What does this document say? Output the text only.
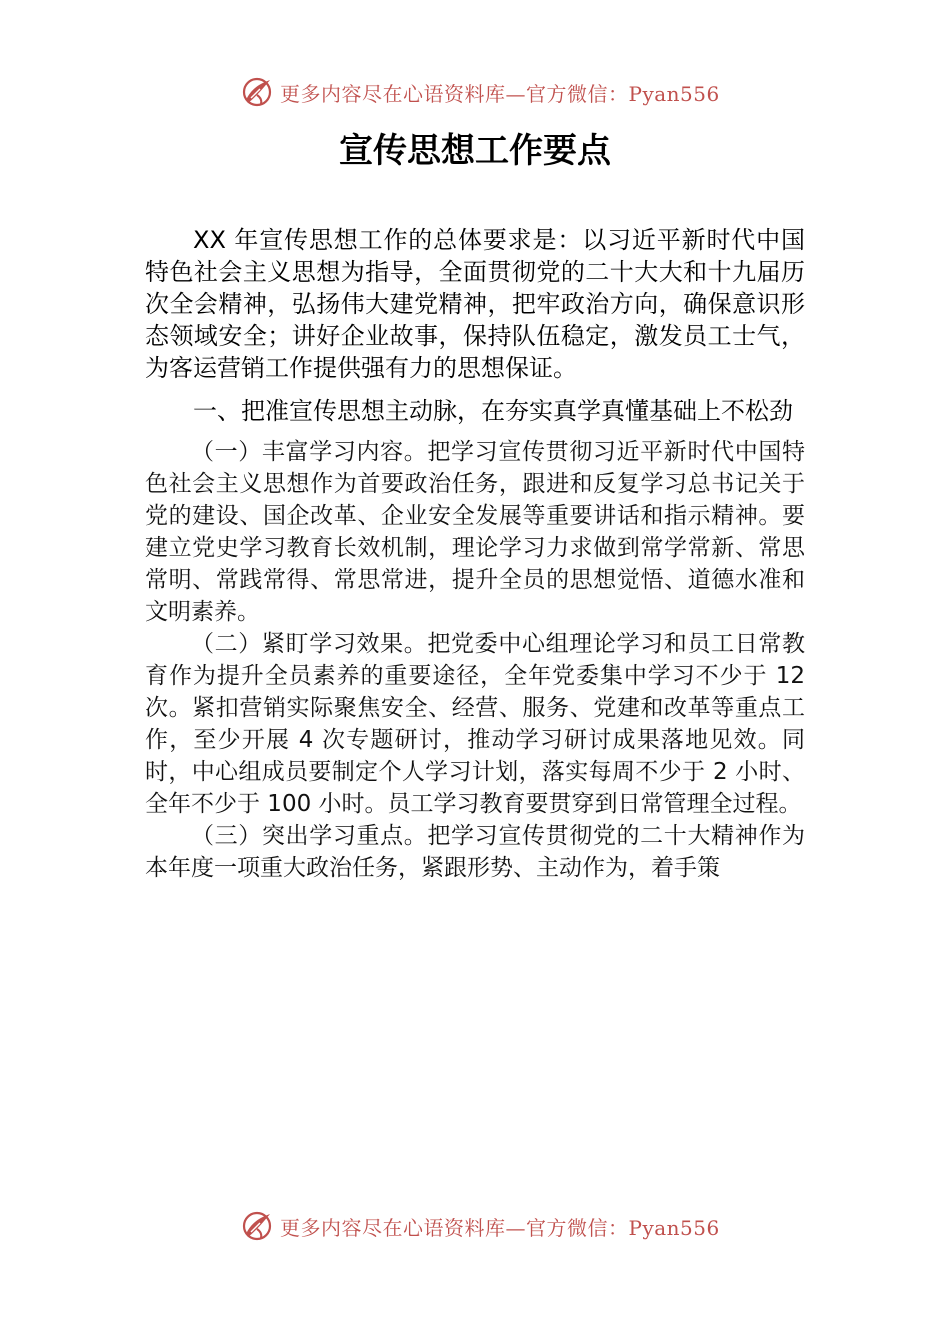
更多内容尽在心语资料库—官方微信：Pyan556
宣传思想工作要点

XX 年宣传思想工作的总体要求是：以习近平新时代中国特色社会主义思想为指导，全面贯彻党的二十大大和十九届历次全会精神，弘扬伟大建党精神，把牢政治方向，确保意识形态领域安全；讲好企业故事，保持队伍稳定，激发员工士气，为客运营销工作提供强有力的思想保证。

一、把准宣传思想主动脉，在夯实真学真懂基础上不松劲

（一）丰富学习内容。把学习宣传贯彻习近平新时代中国特色社会主义思想作为首要政治任务，跟进和反复学习总书记关于党的建设、国企改革、企业安全发展等重要讲话和指示精神。要建立党史学习教育长效机制，理论学习力求做到常学常新、常思常明、常践常得、常思常进，提升全员的思想觉悟、道德水准和文明素养。

（二）紧盯学习效果。把党委中心组理论学习和员工日常教育作为提升全员素养的重要途径，全年党委集中学习不少于 12 次。紧扣营销实际聚焦安全、经营、服务、党建和改革等重点工作，至少开展 4 次专题研讨，推动学习研讨成果落地见效。同时，中心组成员要制定个人学习计划，落实每周不少于 2 小时、全年不少于 100 小时。员工学习教育要贯穿到日常管理全过程。

（三）突出学习重点。把学习宣传贯彻党的二十大精神作为本年度一项重大政治任务，紧跟形势、主动作为，着手策

更多内容尽在心语资料库—官方微信：Pyan556
